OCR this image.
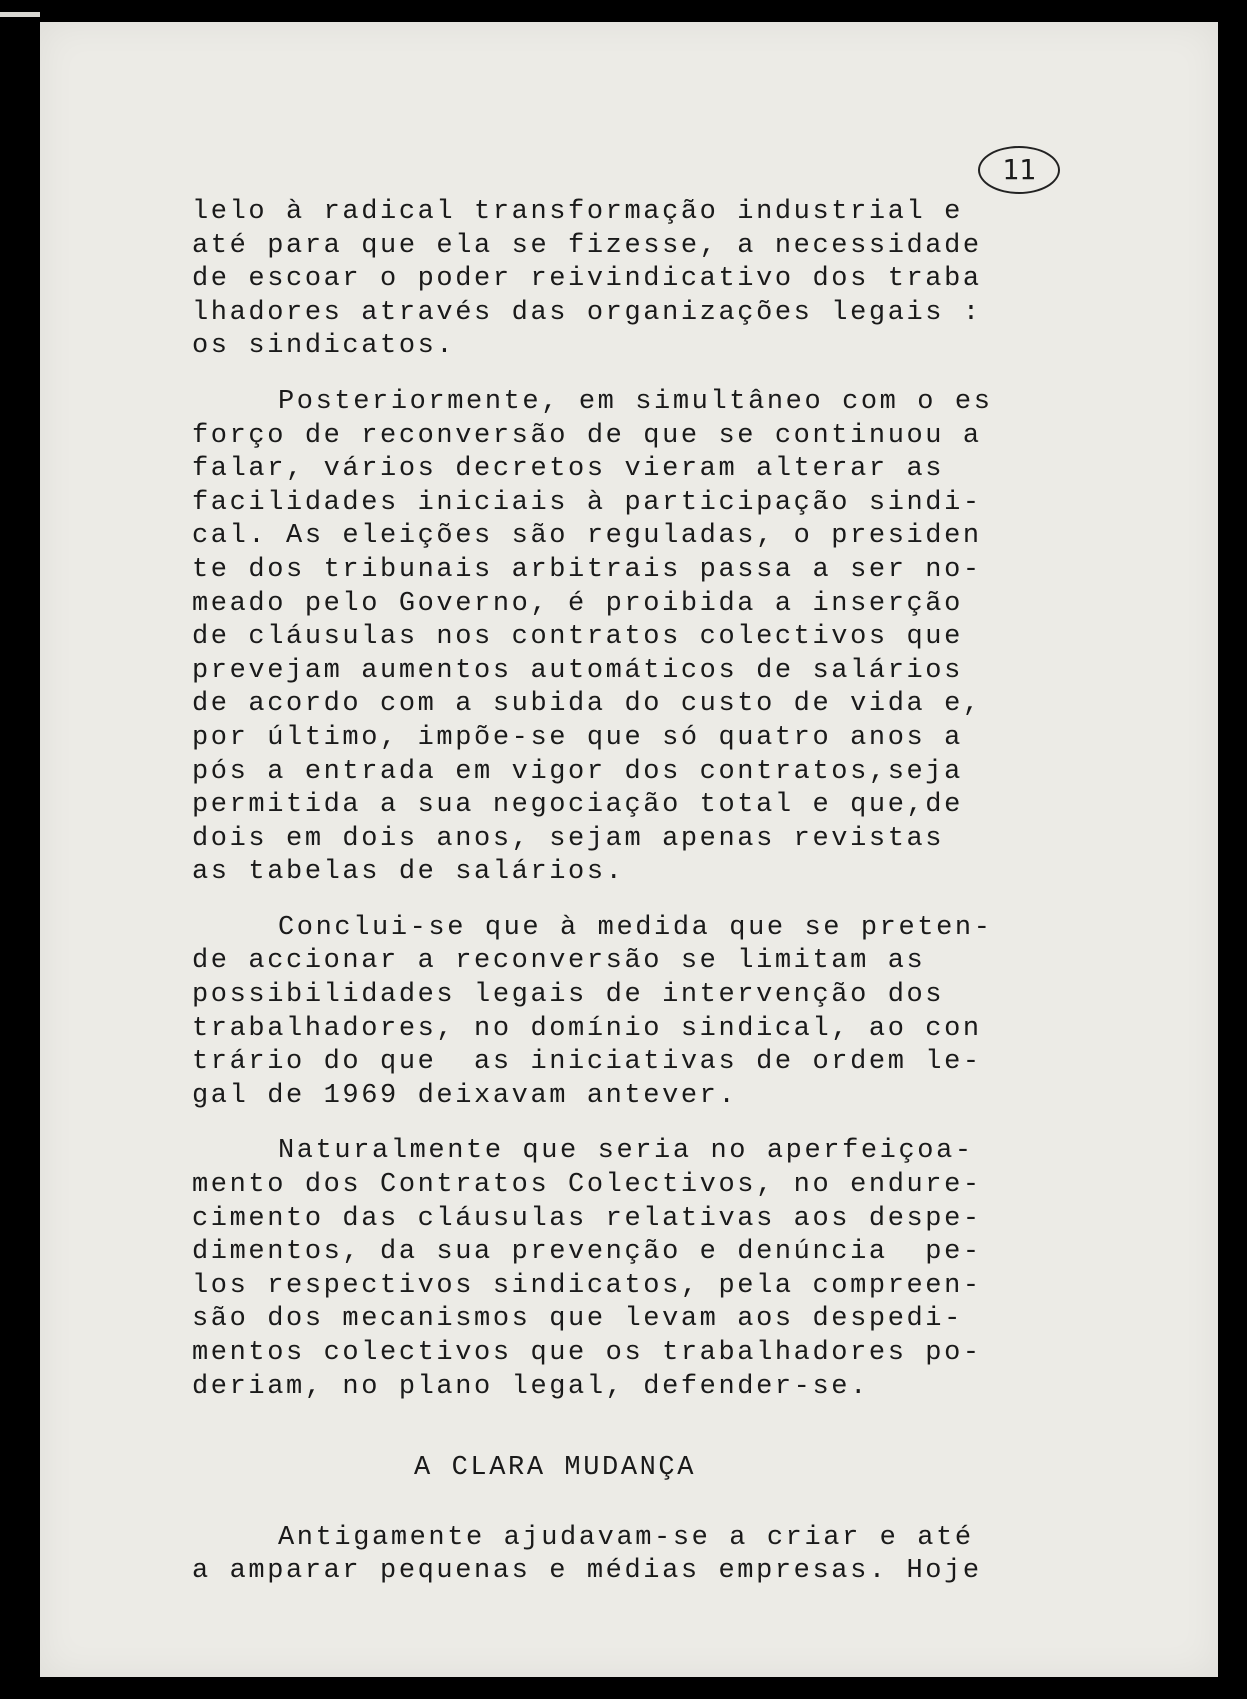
11
lelo à radical transformação industrial e
até para que ela se fizesse, a necessidade
de escoar o poder reivindicativo dos traba
lhadores através das organizações legais :
os sindicatos.
Posteriormente, em simultâneo com o es
forço de reconversão de que se continuou a
falar, vários decretos vieram alterar as
facilidades iniciais à participação sindi-
cal. As eleições são reguladas, o presiden
te dos tribunais arbitrais passa a ser no-
meado pelo Governo, é proibida a inserção
de cláusulas nos contratos colectivos que
prevejam aumentos automáticos de salários
de acordo com a subida do custo de vida e,
por último, impõe-se que só quatro anos a
pós a entrada em vigor dos contratos,seja
permitida a sua negociação total e que,de
dois em dois anos, sejam apenas revistas
as tabelas de salários.
Conclui-se que à medida que se preten-
de accionar a reconversão se limitam as
possibilidades legais de intervenção dos
trabalhadores, no domínio sindical, ao con
trário do que  as iniciativas de ordem le-
gal de 1969 deixavam antever.
Naturalmente que seria no aperfeiçoa-
mento dos Contratos Colectivos, no endure-
cimento das cláusulas relativas aos despe-
dimentos, da sua prevenção e denúncia  pe-
los respectivos sindicatos, pela compreen-
são dos mecanismos que levam aos despedi-
mentos colectivos que os trabalhadores po-
deriam, no plano legal, defender-se.
A CLARA MUDANÇA
Antigamente ajudavam-se a criar e até
a amparar pequenas e médias empresas. Hoje
